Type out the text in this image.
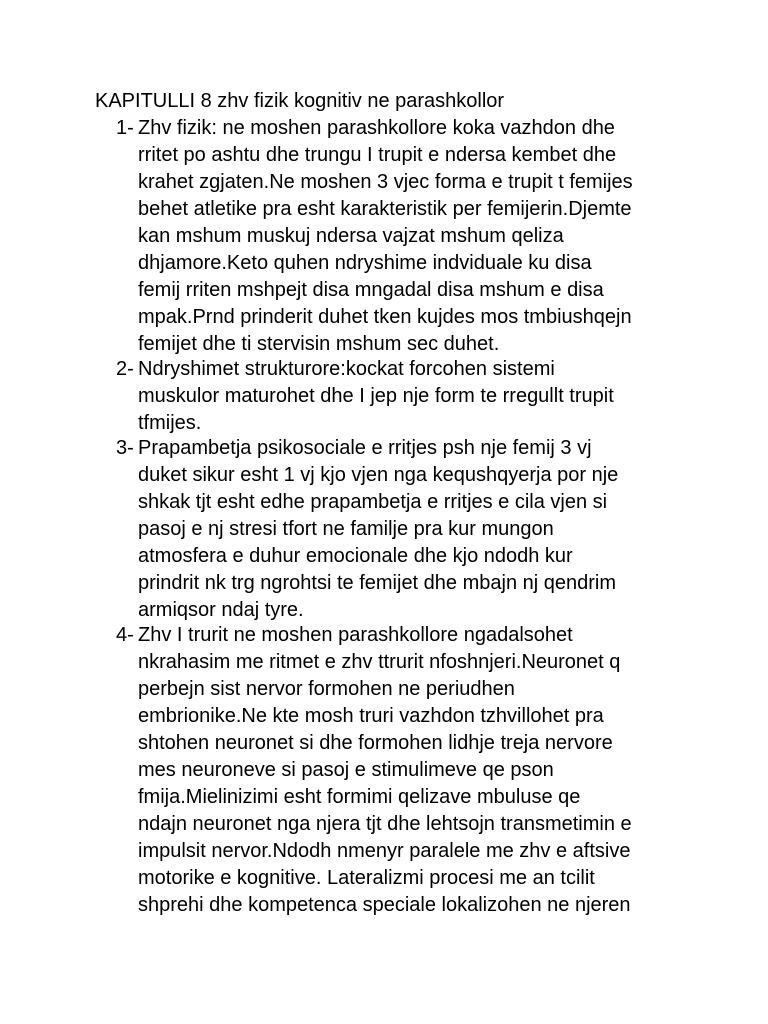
KAPITULLI 8 zhv fizik kognitiv ne parashkollor
1- Zhv fizik: ne moshen parashkollore koka vazhdon dhe
rritet po ashtu dhe trungu I trupit e ndersa kembet dhe
krahet zgjaten.Ne moshen 3 vjec forma e trupit t femijes
behet atletike pra esht karakteristik per femijerin.Djemte
kan mshum muskuj ndersa vajzat mshum qeliza
dhjamore.Keto quhen ndryshime indviduale ku disa
femij rriten mshpejt disa mngadal disa mshum e disa
mpak.Prnd prinderit duhet tken kujdes mos tmbiushqejn
femijet dhe ti stervisin mshum sec duhet.
2- Ndryshimet strukturore:kockat forcohen sistemi
muskulor maturohet dhe I jep nje form te rregullt trupit
tfmijes.
3- Prapambetja psikosociale e rritjes psh nje femij 3 vj
duket sikur esht 1 vj kjo vjen nga kequshqyerja por nje
shkak tjt esht edhe prapambetja e rritjes e cila vjen si
pasoj e nj stresi tfort ne familje pra kur mungon
atmosfera e duhur emocionale dhe kjo ndodh kur
prindrit nk trg ngrohtsi te femijet dhe mbajn nj qendrim
armiqsor ndaj tyre.
4- Zhv I trurit ne moshen parashkollore ngadalsohet
nkrahasim me ritmet e zhv ttrurit nfoshnjeri.Neuronet q
perbejn sist nervor formohen ne periudhen
embrionike.Ne kte mosh truri vazhdon tzhvillohet pra
shtohen neuronet si dhe formohen lidhje treja nervore
mes neuroneve si pasoj e stimulimeve qe pson
fmija.Mielinizimi esht formimi qelizave mbuluse qe
ndajn neuronet nga njera tjt dhe lehtsojn transmetimin e
impulsit nervor.Ndodh nmenyr paralele me zhv e aftsive
motorike e kognitive. Lateralizmi procesi me an tcilit
shprehi dhe kompetenca speciale lokalizohen ne njeren
